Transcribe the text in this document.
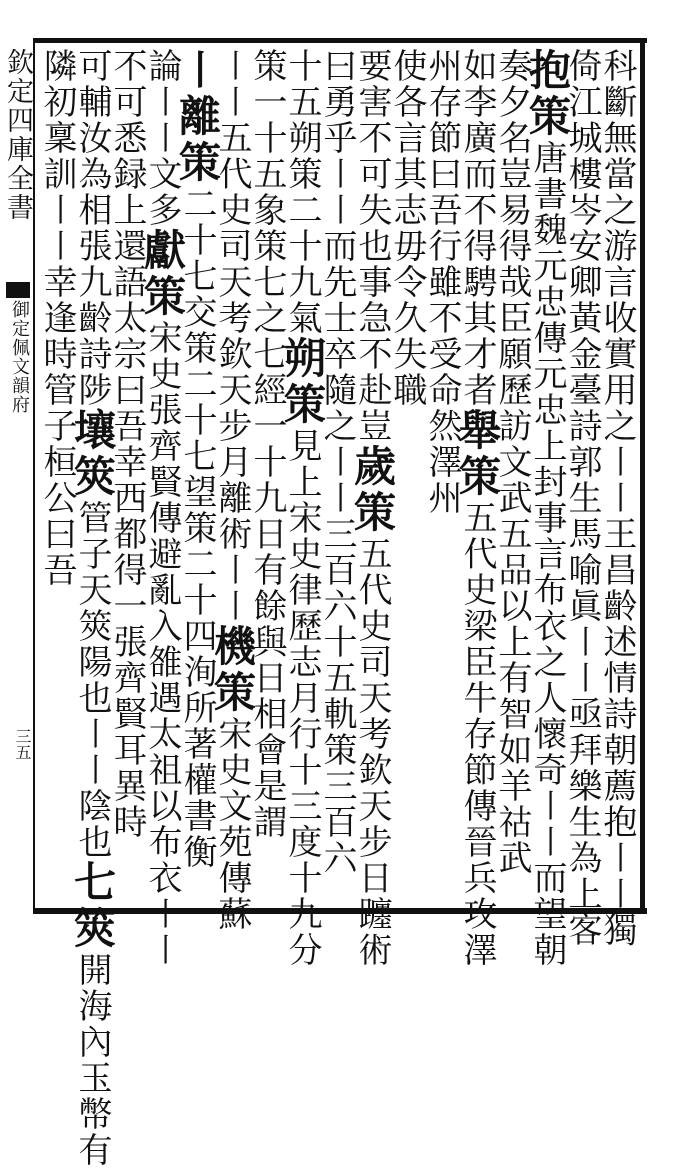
欽定四庫全書
御定佩文韻府
三五	科斷無當之游言收實用之〡〡王昌齡述情詩朝薦抱〡〡獨
倚江城樓岑安卿黃金臺詩郭生馬喻眞〡〡亟拜樂生為上客
抱策唐書魏元忠傳元忠上封事言布衣之人懷奇〡〡而望朝
奏夕名豈易得哉臣願歷訪文武五品以上有智如羊祜武
如李廣而不得騁其才者舉策五代史梁臣牛存節傳晉兵攻澤
州存節曰吾行雖不受命然澤州
使各言其志毋令久失職
要害不可失也事急不赴豈歲策五代史司天考欽天步日躔術
曰勇乎〡〡而先士卒隨之〡〡三百六十五軌策三百六
十五朔策二十九氣朔策見上宋史律歷志月行十三度十九分
策一十五象策七之七經一十九日有餘與日相會是謂
〡〡五代史司天考欽天步月離術〡〡機策宋史文苑傳蘇
〡離策二十七交策二十七望策二十四洵所著權書衡
論〡〡文多獻策宋史張齊賢傳避亂入雒遇太祖以布衣〡〡
不可悉録上還語太宗曰吾幸西都得一張齊賢耳異時
可輔汝為相張九齡詩陟壤筴管子天筴陽也〡〡陰也七筴開海內玉幣有
隣初稟訓〡〡幸逢時管子桓公曰吾
